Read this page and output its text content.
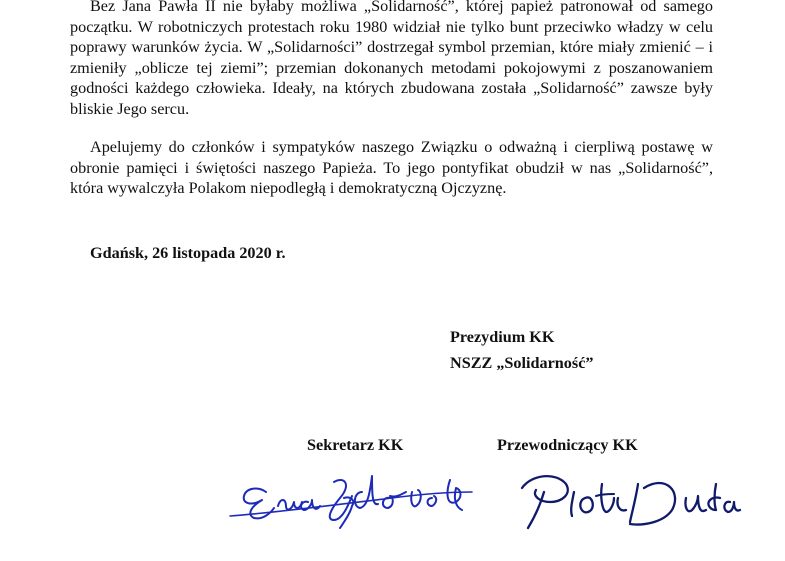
Bez Jana Pawła II nie byłaby możliwa „Solidarność”, której papież patronował od samego początku. W robotniczych protestach roku 1980 widział nie tylko bunt przeciwko władzy w celu poprawy warunków życia. W „Solidarności” dostrzegał symbol przemian, które miały zmienić – i zmieniły „oblicze tej ziemi”; przemian dokonanych metodami pokojowymi z poszanowaniem godności każdego człowieka. Ideały, na których zbudowana została „Solidarność” zawsze były bliskie Jego sercu.

Apelujemy do członków i sympatyków naszego Związku o odważną i cierpliwą postawę w obronie pamięci i świętości naszego Papieża. To jego pontyfikat obudził w nas „Solidarność”, która wywalczyła Polakom niepodległą i demokratyczną Ojczyznę.

Gdańsk, 26 listopada 2020 r.
Prezydium KK
NSZZ „Solidarność”
Sekretarz KK	Przewodniczący KK
